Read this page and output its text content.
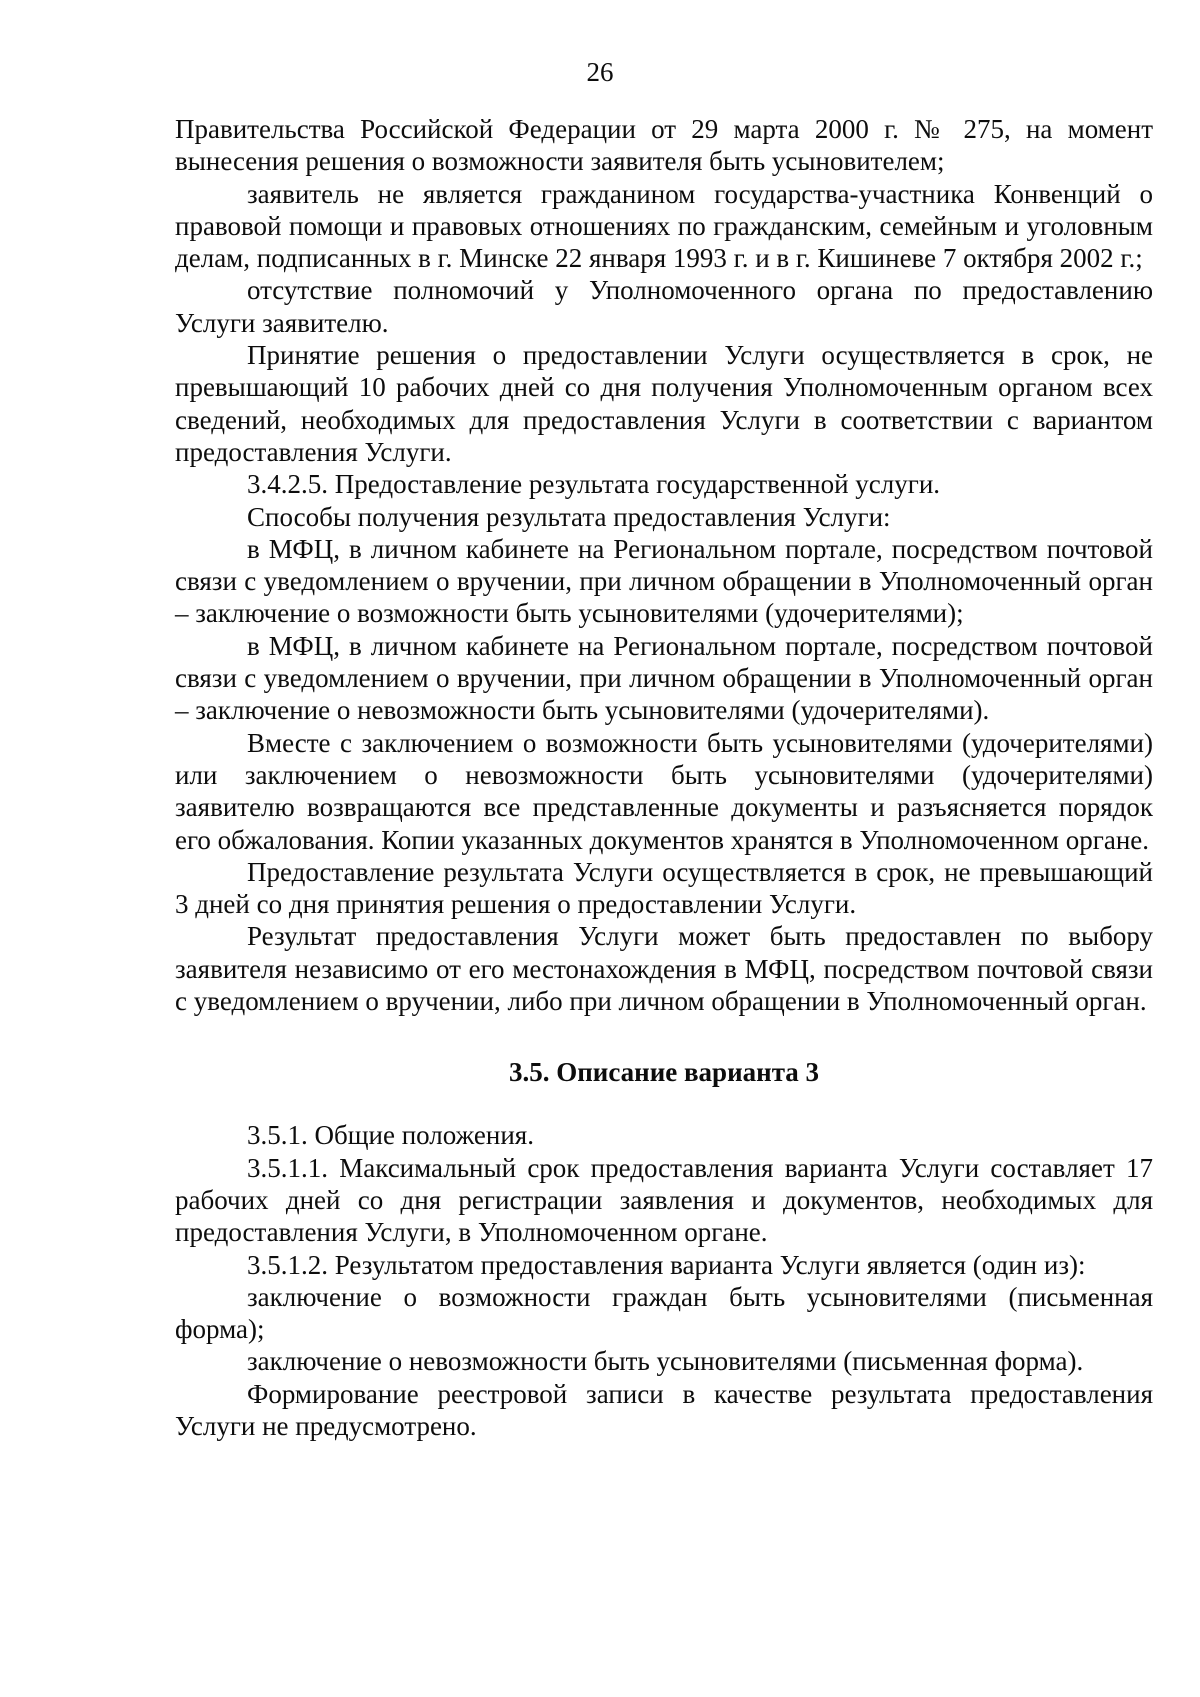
26

Правительства Российской Федерации от 29 марта 2000 г. № 275, на момент вынесения решения о возможности заявителя быть усыновителем;

заявитель не является гражданином государства-участника Конвенций о правовой помощи и правовых отношениях по гражданским, семейным и уголовным делам, подписанных в г. Минске 22 января 1993 г. и в г. Кишиневе 7 октября 2002 г.;

отсутствие полномочий у Уполномоченного органа по предоставлению Услуги заявителю.

Принятие решения о предоставлении Услуги осуществляется в срок, не превышающий 10 рабочих дней со дня получения Уполномоченным органом всех сведений, необходимых для предоставления Услуги в соответствии с вариантом предоставления Услуги.

3.4.2.5. Предоставление результата государственной услуги.

Способы получения результата предоставления Услуги:

в МФЦ, в личном кабинете на Региональном портале, посредством почтовой связи с уведомлением о вручении, при личном обращении в Уполномоченный орган – заключение о возможности быть усыновителями (удочерителями);

в МФЦ, в личном кабинете на Региональном портале, посредством почтовой связи с уведомлением о вручении, при личном обращении в Уполномоченный орган – заключение о невозможности быть усыновителями (удочерителями).

Вместе с заключением о возможности быть усыновителями (удочерителями) или заключением о невозможности быть усыновителями (удочерителями) заявителю возвращаются все представленные документы и разъясняется порядок его обжалования. Копии указанных документов хранятся в Уполномоченном органе.

Предоставление результата Услуги осуществляется в срок, не превышающий 3 дней со дня принятия решения о предоставлении Услуги.

Результат предоставления Услуги может быть предоставлен по выбору заявителя независимо от его местонахождения в МФЦ, посредством почтовой связи с уведомлением о вручении, либо при личном обращении в Уполномоченный орган.

3.5. Описание варианта 3

3.5.1. Общие положения.

3.5.1.1. Максимальный срок предоставления варианта Услуги составляет 17 рабочих дней со дня регистрации заявления и документов, необходимых для предоставления Услуги, в Уполномоченном органе.

3.5.1.2. Результатом предоставления варианта Услуги является (один из):

заключение о возможности граждан быть усыновителями (письменная форма);

заключение о невозможности быть усыновителями (письменная форма).

Формирование реестровой записи в качестве результата предоставления Услуги не предусмотрено.
